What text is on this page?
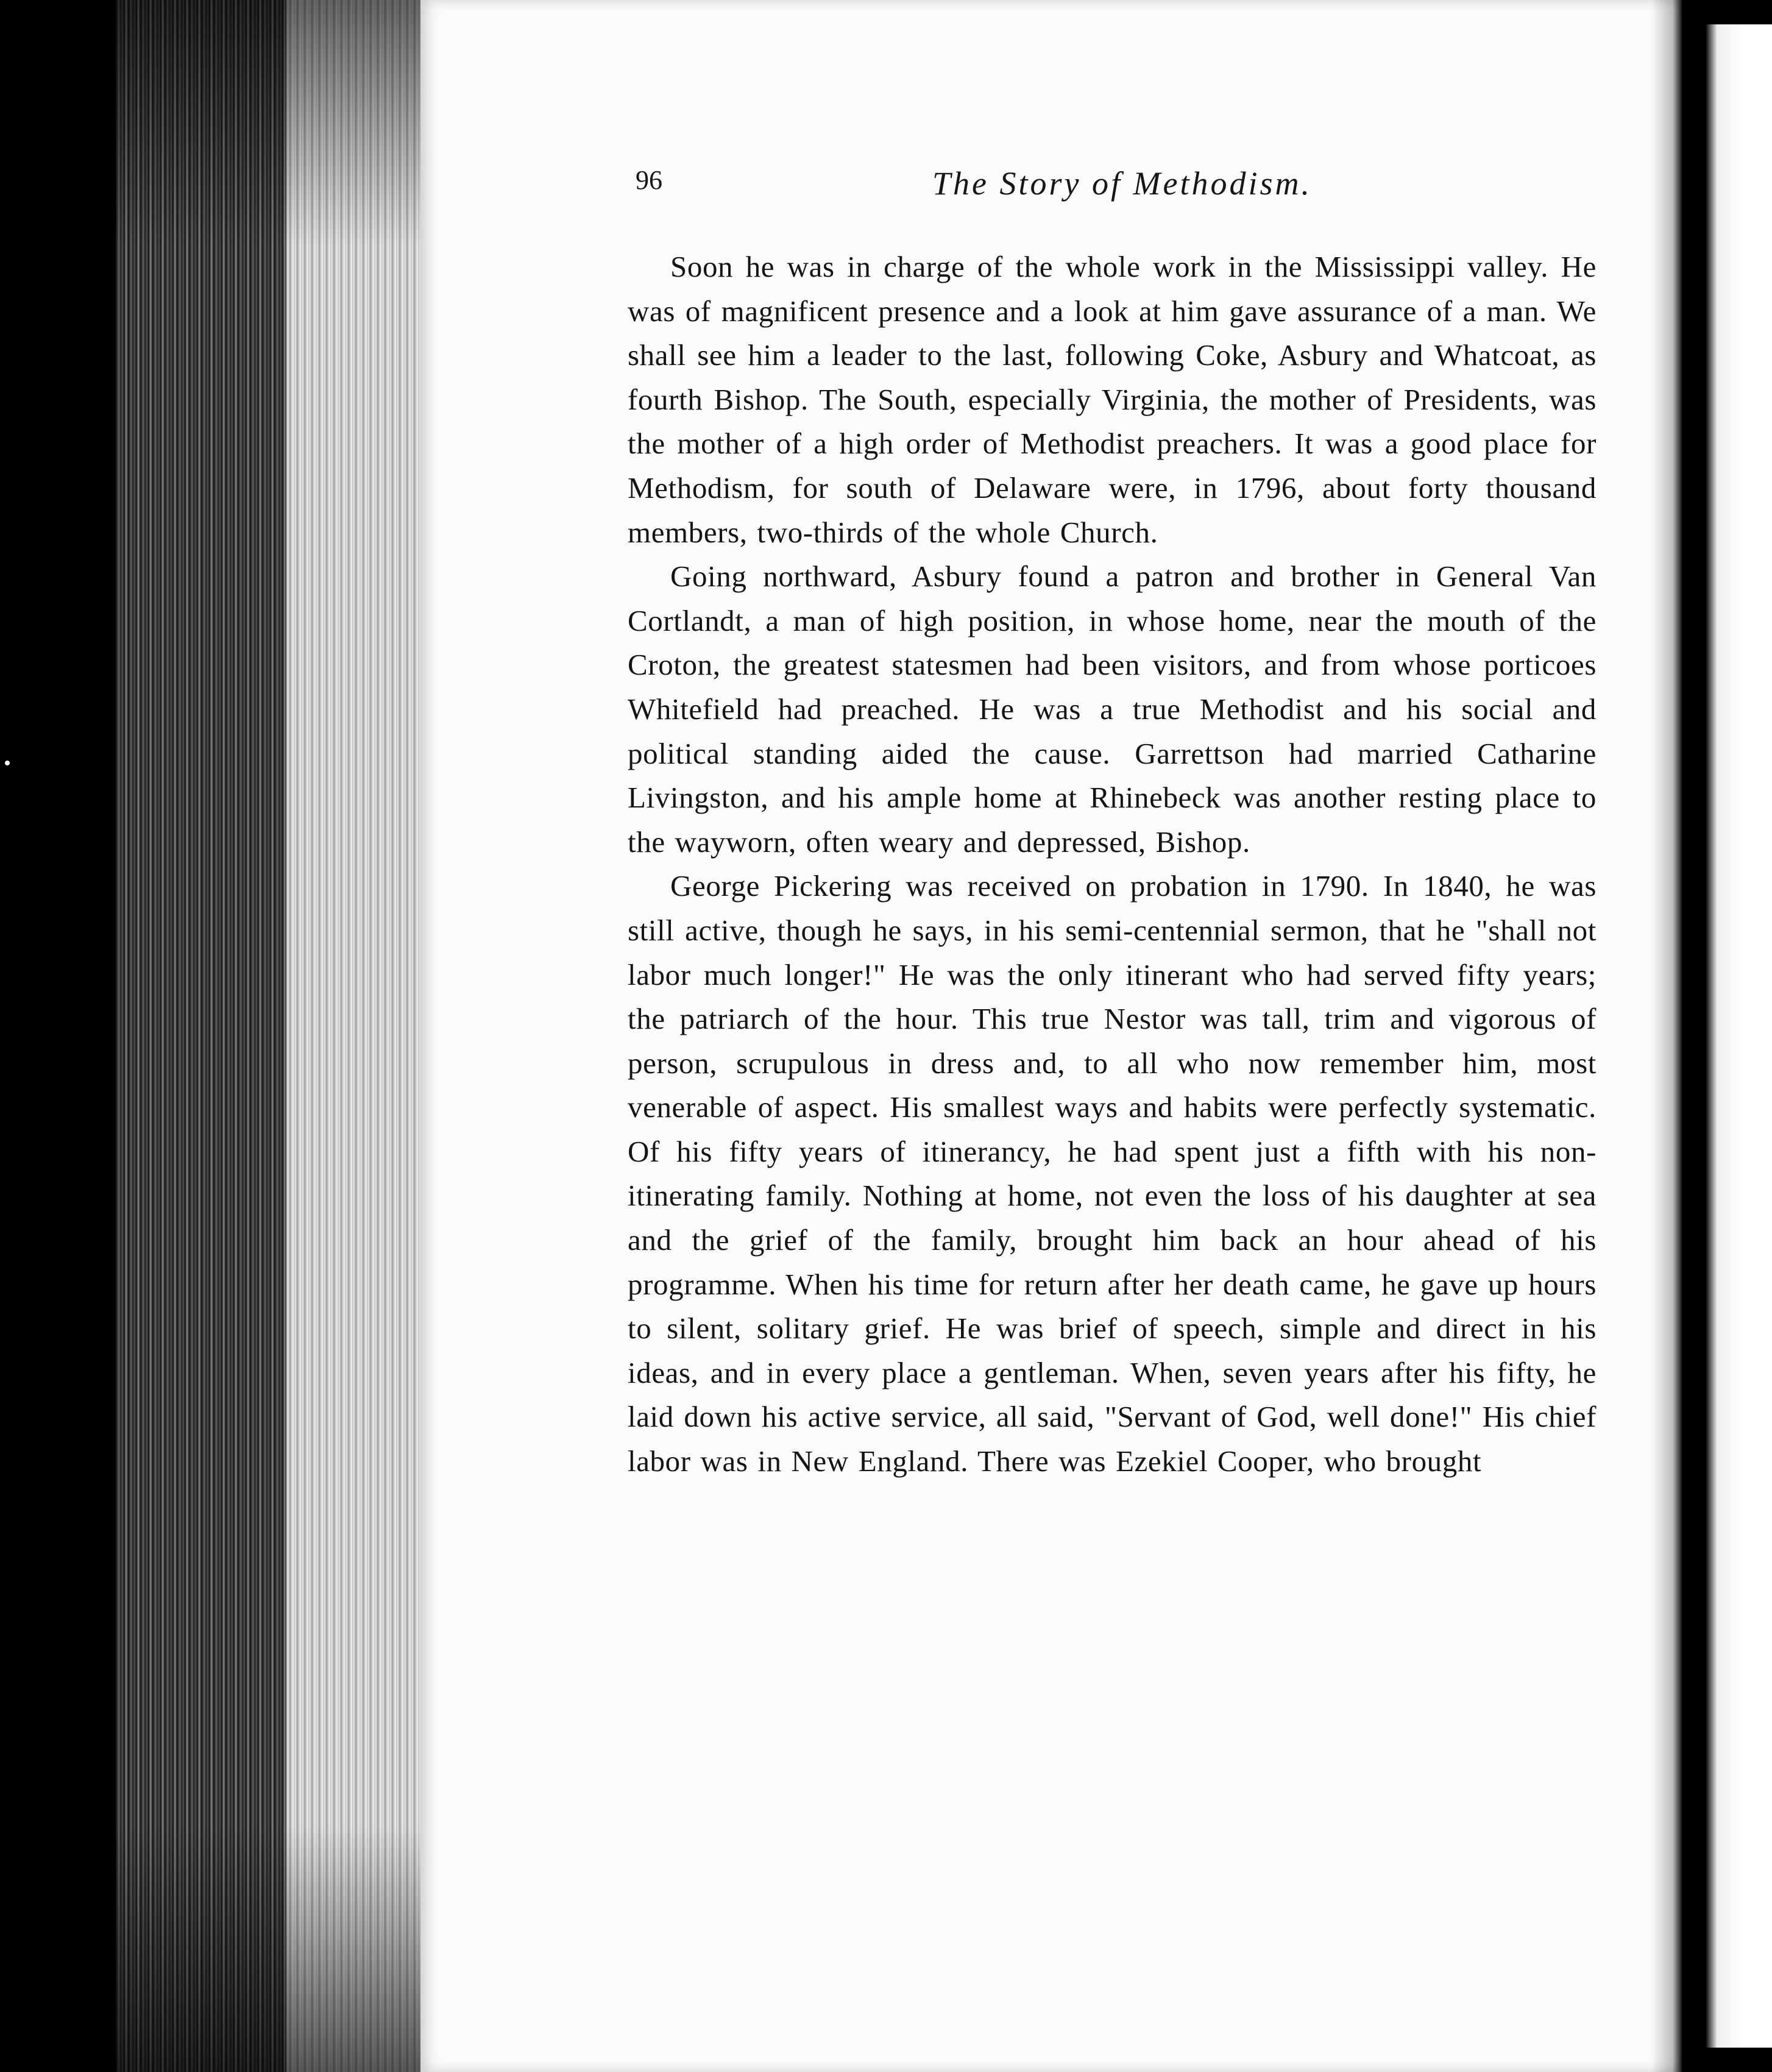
96	The Story of Methodism.

Soon he was in charge of the whole work in the Mississippi valley. He was of magnificent presence and a look at him gave assurance of a man. We shall see him a leader to the last, following Coke, Asbury and Whatcoat, as fourth Bishop. The South, especially Virginia, the mother of Presidents, was the mother of a high order of Methodist preachers. It was a good place for Methodism, for south of Delaware were, in 1796, about forty thousand members, two-thirds of the whole Church.

Going northward, Asbury found a patron and brother in General Van Cortlandt, a man of high position, in whose home, near the mouth of the Croton, the greatest statesmen had been visitors, and from whose porticoes Whitefield had preached. He was a true Methodist and his social and political standing aided the cause. Garrettson had married Catharine Livingston, and his ample home at Rhinebeck was another resting place to the wayworn, often weary and depressed, Bishop.

George Pickering was received on probation in 1790. In 1840, he was still active, though he says, in his semi-centennial sermon, that he "shall not labor much longer!" He was the only itinerant who had served fifty years; the patriarch of the hour. This true Nestor was tall, trim and vigorous of person, scrupulous in dress and, to all who now remember him, most venerable of aspect. His smallest ways and habits were perfectly systematic. Of his fifty years of itinerancy, he had spent just a fifth with his non-itinerating family. Nothing at home, not even the loss of his daughter at sea and the grief of the family, brought him back an hour ahead of his programme. When his time for return after her death came, he gave up hours to silent, solitary grief. He was brief of speech, simple and direct in his ideas, and in every place a gentleman. When, seven years after his fifty, he laid down his active service, all said, "Servant of God, well done!" His chief labor was in New England. There was Ezekiel Cooper, who brought
